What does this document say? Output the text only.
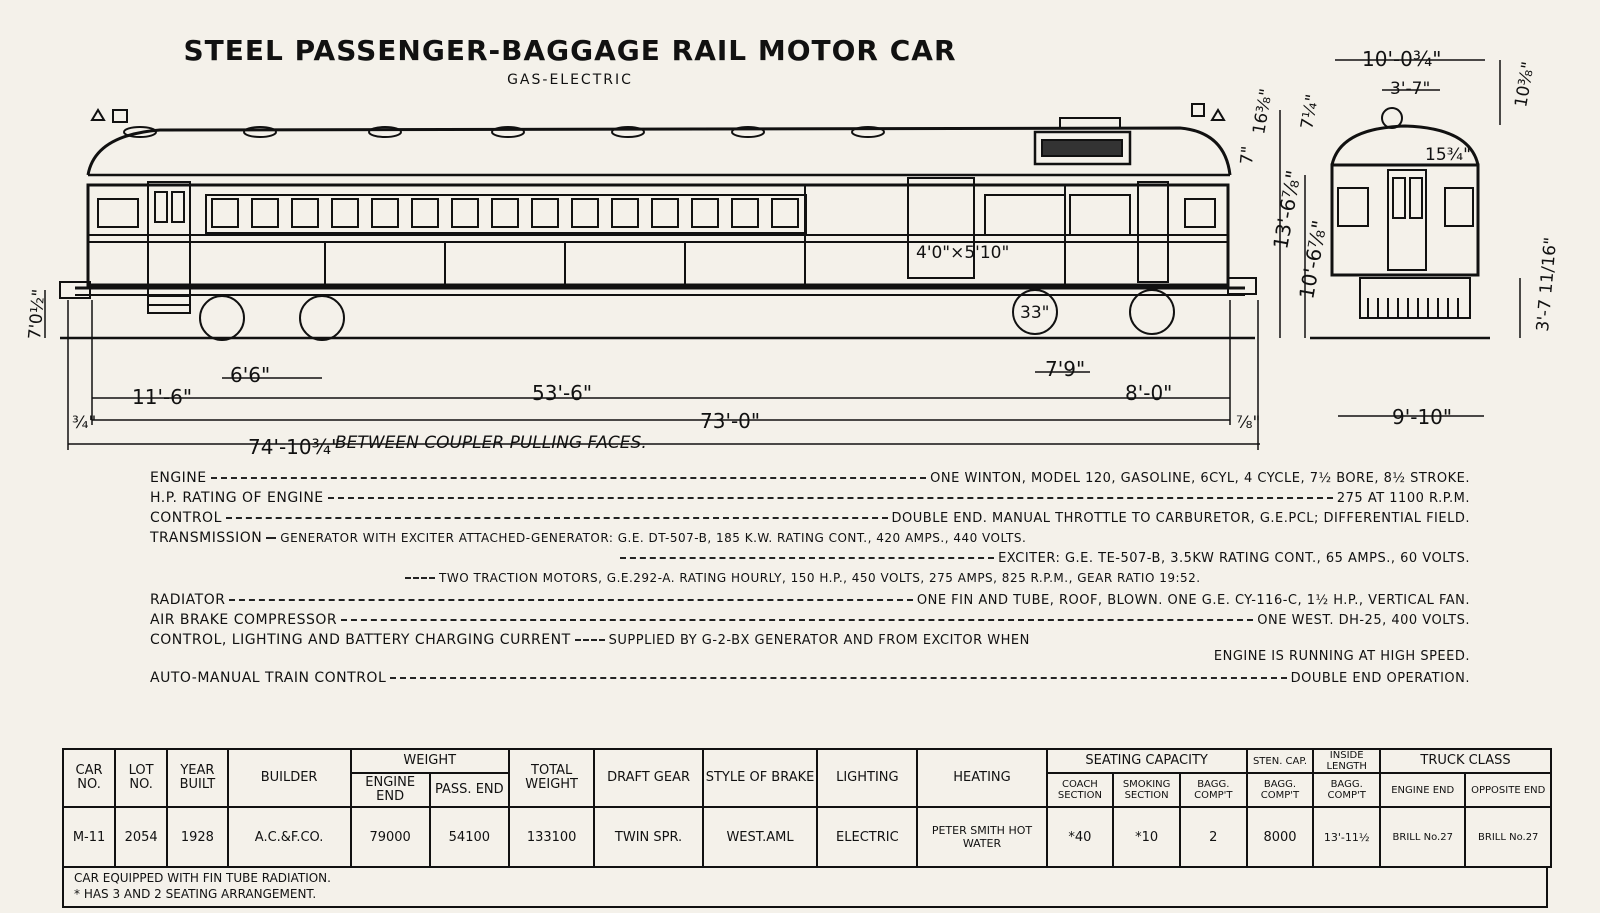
STEEL PASSENGER-BAGGAGE RAIL MOTOR CAR
GAS-ELECTRIC
6'6"
11'-6"	53'-6"	8'-0"
7'9"
73'-0"
74'-10¾"
BETWEEN COUPLER PULLING FACES.
¾"	⅞"
33"
4'0"×5'10"
9'-10"
10'-0¾"
3'-7"
15¾"
16⅜" 7¼"
10⅜"
13'-6⅞"
10'-6⅞"	3'-7 11/16"
7'0½"
7"
ENGINE	ONE WINTON, MODEL 120, GASOLINE, 6CYL, 4 CYCLE, 7½ BORE, 8½ STROKE.
H.P. RATING OF ENGINE	275 AT 1100 R.P.M.
CONTROL	DOUBLE END. MANUAL THROTTLE TO CARBURETOR, G.E.PCL; DIFFERENTIAL FIELD.
TRANSMISSION GENERATOR WITH EXCITER ATTACHED-GENERATOR: G.E. DT-507-B, 185 K.W. RATING CONT., 420 AMPS., 440 VOLTS.
EXCITER: G.E. TE-507-B, 3.5KW RATING CONT., 65 AMPS., 60 VOLTS.
TWO TRACTION MOTORS, G.E.292-A. RATING HOURLY, 150 H.P., 450 VOLTS, 275 AMPS, 825 R.P.M., GEAR RATIO 19:52.
RADIATOR	ONE FIN AND TUBE, ROOF, BLOWN. ONE G.E. CY-116-C, 1½ H.P., VERTICAL FAN.
AIR BRAKE COMPRESSOR	ONE WEST. DH-25, 400 VOLTS.
CONTROL, LIGHTING AND BATTERY CHARGING CURRENT	SUPPLIED BY G-2-BX GENERATOR AND FROM EXCITOR WHEN
ENGINE IS RUNNING AT HIGH SPEED.
AUTO-MANUAL TRAIN CONTROL	DOUBLE END OPERATION.
CAR NO.	LOT NO.	YEAR BUILT	BUILDER	WEIGHT		TOTAL WEIGHT	DRAFT GEAR	STYLE OF BRAKE	LIGHTING	HEATING	SEATING CAPACITY			STEN. CAP.	INSIDE LENGTH	TRUCK CLASS	
				ENGINE END	PASS. END						COACH SECTION	SMOKING SECTION	BAGG. COMP'T	BAGG. COMP'T	BAGG. COMP'T	ENGINE END	OPPOSITE END
M-11	2054	1928	A.C.&F.CO.	79000	54100	133100	TWIN SPR.	WEST.AML	ELECTRIC	PETER SMITH HOT WATER	*40	*10	2	8000	13'-11½	BRILL No.27	BRILL No.27
CAR EQUIPPED WITH FIN TUBE RADIATION.
* HAS 3 AND 2 SEATING ARRANGEMENT.
